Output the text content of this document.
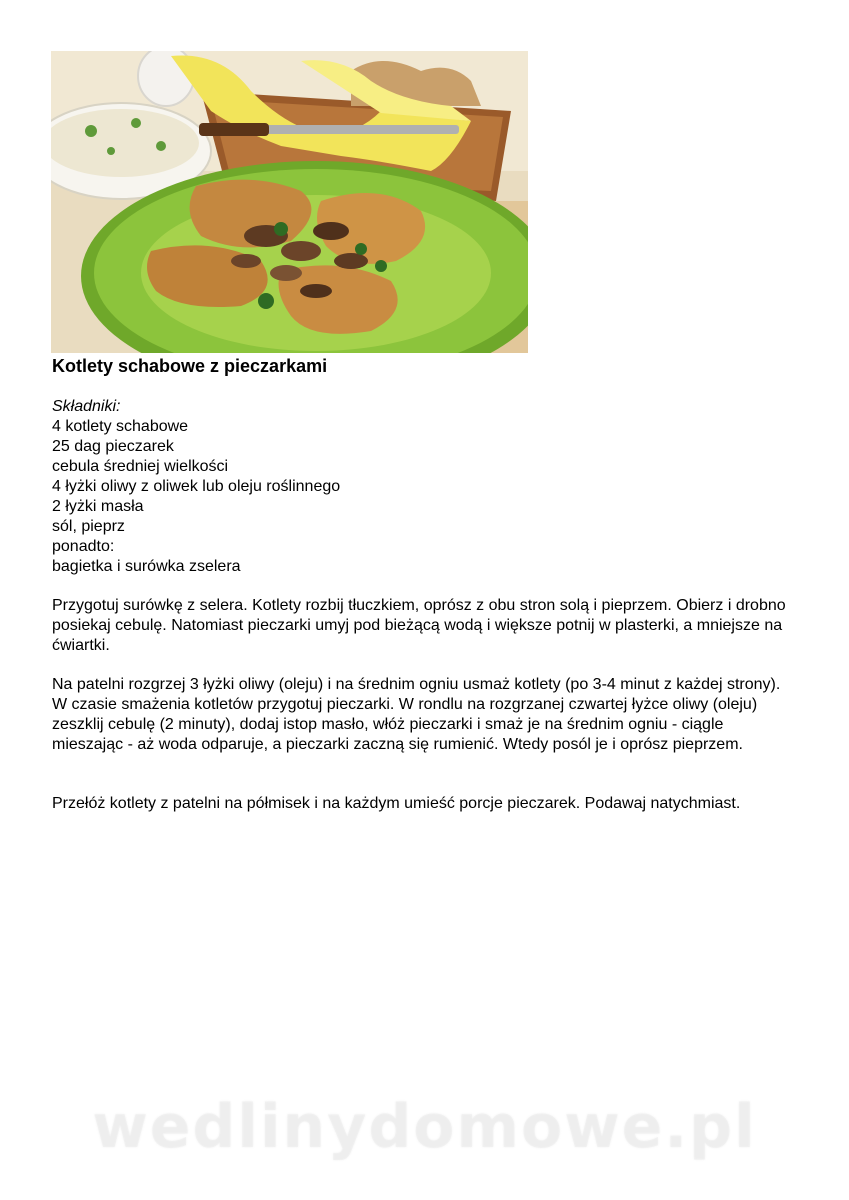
Kotlety schabowe z pieczarkami
Składniki:
4 kotlety schabowe
25 dag pieczarek
cebula średniej wielkości
4 łyżki oliwy z oliwek lub oleju roślinnego
2 łyżki masła
sól, pieprz
ponadto:
bagietka i surówka zselera

Przygotuj surówkę z selera. Kotlety rozbij tłuczkiem, oprósz z obu stron solą i pieprzem. Obierz i drobno posiekaj cebulę. Natomiast pieczarki umyj pod bieżącą wodą i większe potnij w plasterki, a mniejsze na ćwiartki.

Na patelni rozgrzej 3 łyżki oliwy (oleju) i na średnim ogniu usmaż kotlety (po 3-4 minut z każdej strony). W czasie smażenia kotletów przygotuj pieczarki. W rondlu na rozgrzanej czwartej łyżce oliwy (oleju) zeszklij cebulę (2 minuty), dodaj istop masło, włóż pieczarki i smaż je na średnim ogniu - ciągle mieszając - aż woda odparuje, a pieczarki zaczną się rumienić. Wtedy posól je i oprósz pieprzem.

Przełóż kotlety z patelni na półmisek i na każdym umieść porcje pieczarek. Podawaj natychmiast.

wedlinydomowe.pl
